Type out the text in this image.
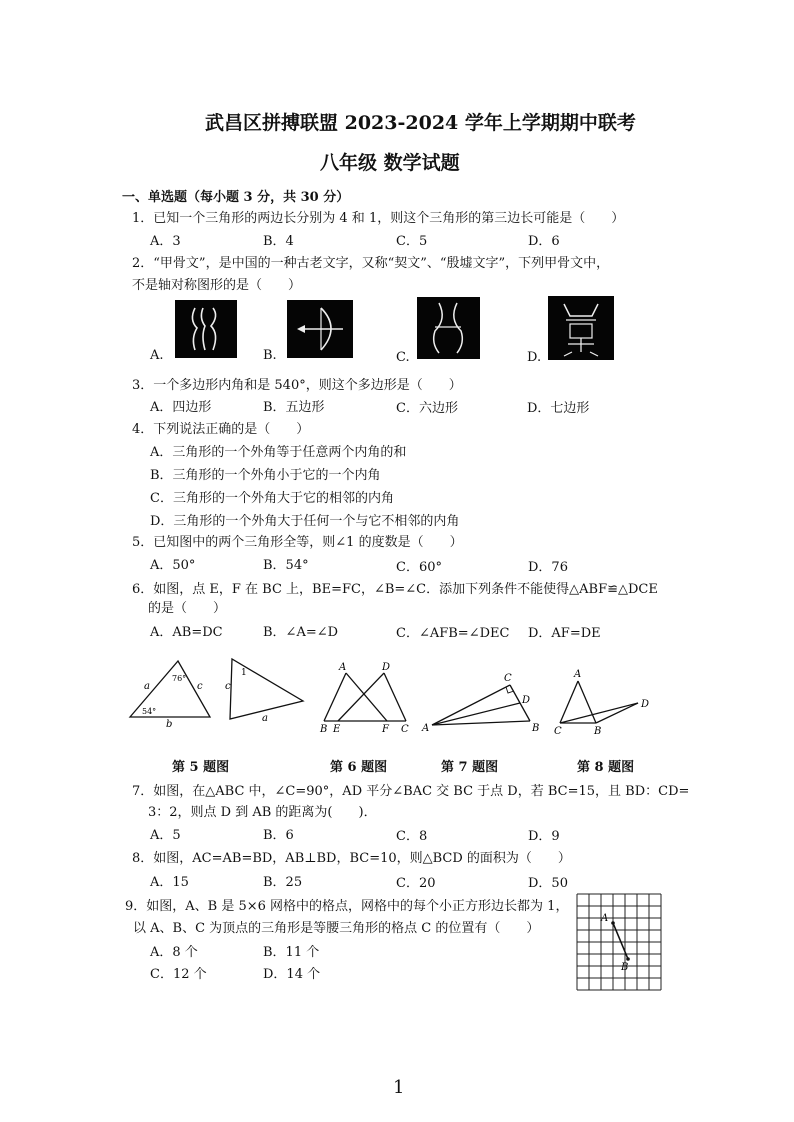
武昌区拼搏联盟 2023-2024 学年上学期期中联考
八年级 数学试题
一、单选题（每小题 3 分，共 30 分）
1．已知一个三角形的两边长分别为 4 和 1，则这个三角形的第三边长可能是（　　）
A．3	B．4	C．5	D．6
2．“甲骨文”，是中国的一种古老文字，又称“契文”、“殷墟文字”，下列甲骨文中，
不是轴对称图形的是（　　）
A.	B.	C.	D.
3．一个多边形内角和是 540°，则这个多边形是（　　）
A．四边形	B．五边形	C．六边形	D．七边形
4．下列说法正确的是（　　）
A．三角形的一个外角等于任意两个内角的和
B．三角形的一个外角小于它的一个内角
C．三角形的一个外角大于它的相邻的内角
D．三角形的一个外角大于任何一个与它不相邻的内角
5．已知图中的两个三角形全等，则∠1 的度数是（　　）
A．50°	B．54°	C．60°	D．76
6．如图，点 E，F 在 BC 上，BE=FC，∠B=∠C．添加下列条件不能使得△ABF≌△DCE
的是（　　）
A．AB=DC	B．∠A=∠D	C．∠AFB=∠DEC D．AF=DE
a	c
b
76°
54°
1
c
a
A	D
B E	F C
C
D
A	B
A
D
C	B
第 5 题图	第 6 题图	第 7 题图	第 8 题图
7．如图，在△ABC 中，∠C=90°，AD 平分∠BAC 交 BC 于点 D，若 BC=15，且 BD：CD=
3：2，则点 D 到 AB 的距离为(　　)．
A．5	B．6	C．8	D．9
8．如图，AC=AB=BD，AB⊥BD，BC=10，则△BCD 的面积为（　　）
A．15	B．25	C．20	D．50
9．如图，A、B 是 5×6 网格中的格点，网格中的每个小正方形边长都为 1，
以 A、B、C 为顶点的三角形是等腰三角形的格点 C 的位置有（　　）
A．8 个	B．11 个
C．12 个	D．14 个
A
B
1
